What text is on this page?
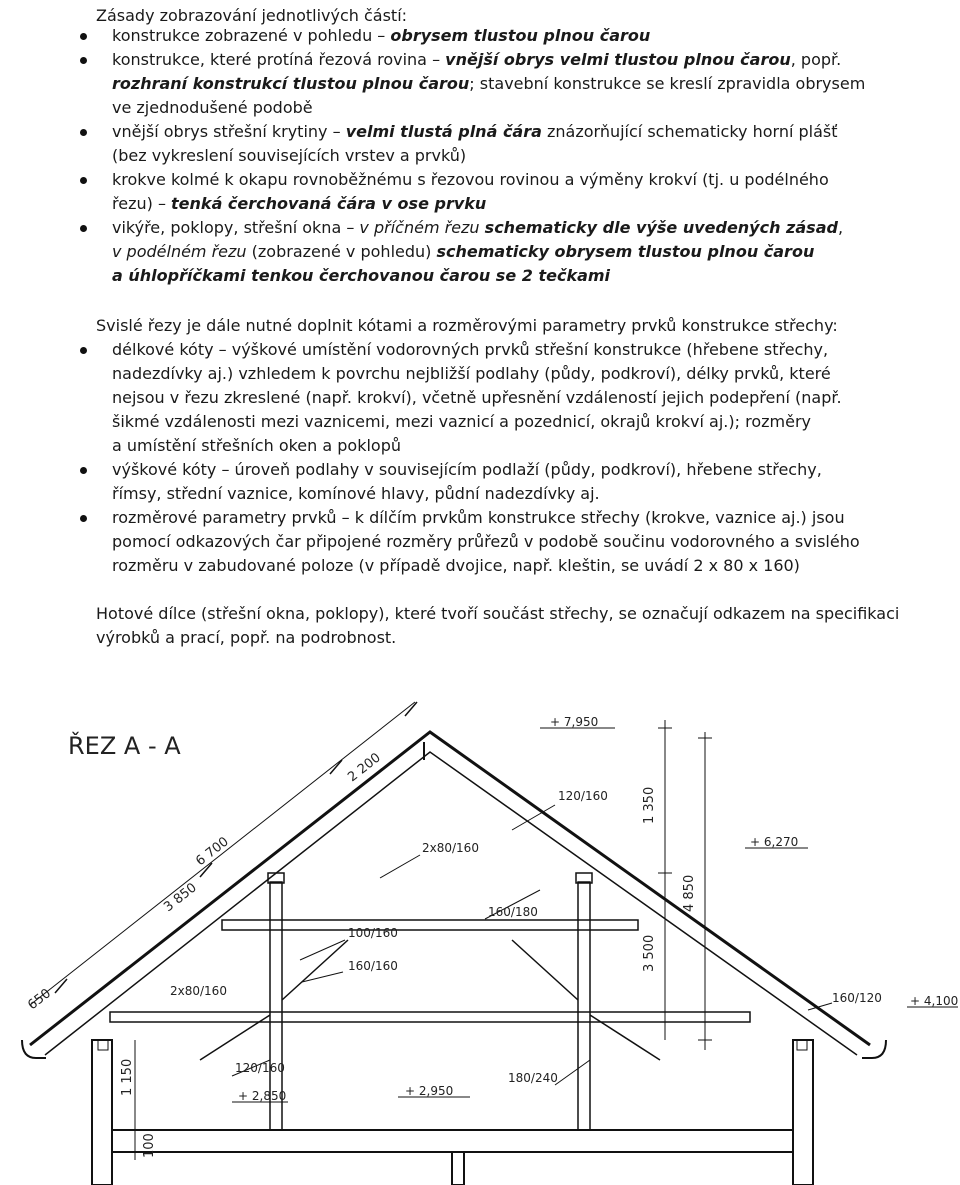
Zásady zobrazování jednotlivých částí:
konstrukce zobrazené v pohledu – obrysem tlustou plnou čarou
konstrukce, které protíná řezová rovina – vnější obrys velmi tlustou plnou čarou, popř.
rozhraní konstrukcí tlustou plnou čarou; stavební konstrukce se kreslí zpravidla obrysem
ve zjednodušené podobě
vnější obrys střešní krytiny – velmi tlustá plná čára znázorňující schematicky horní plášť
(bez vykreslení souvisejících vrstev a prvků)
krokve kolmé k okapu rovnoběžnému s řezovou rovinou a výměny krokví (tj. u podélného
řezu) – tenká čerchovaná čára v ose prvku
vikýře, poklopy, střešní okna – v příčném řezu schematicky dle výše uvedených zásad,
v podélném řezu (zobrazené v pohledu) schematicky obrysem tlustou plnou čarou
a úhlopříčkami tenkou čerchovanou čarou se 2 tečkami
Svislé řezy je dále nutné doplnit kótami a rozměrovými parametry prvků konstrukce střechy:
délkové kóty – výškové umístění vodorovných prvků střešní konstrukce (hřebene střechy,
nadezdívky aj.) vzhledem k povrchu nejbližší podlahy (půdy, podkroví), délky prvků, které
nejsou v řezu zkreslené (např. krokví), včetně upřesnění vzdáleností jejich podepření (např.
šikmé vzdálenosti mezi vaznicemi, mezi vaznicí a pozednicí, okrajů krokví aj.); rozměry
a umístění střešních oken a poklopů
výškové kóty – úroveň podlahy v souvisejícím podlaží (půdy, podkroví), hřebene střechy,
římsy, střední vaznice, komínové hlavy, půdní nadezdívky aj.
rozměrové parametry prvků – k dílčím prvkům konstrukce střechy (krokve, vaznice aj.) jsou
pomocí odkazových čar připojené rozměry průřezů v podobě součinu vodorovného a svislého
rozměru v zabudované poloze (v případě dvojice, např. kleštin, se uvádí 2 x 80 x 160)
Hotové dílce (střešní okna, poklopy), které tvoří součást střechy, se označují odkazem na specifikaci
výrobků a prací, popř. na podrobnost.
ŘEZ A - A
+ 7,950
+ 6,270
+ 4,100
+ 2,950
+ 2,850
120/160
2x80/160
160/180
100/160
160/160
2x80/160	160/120
120/160
180/240
2 200
6 700
3 850
650
1 350
4 850
3 500
1 150
100
